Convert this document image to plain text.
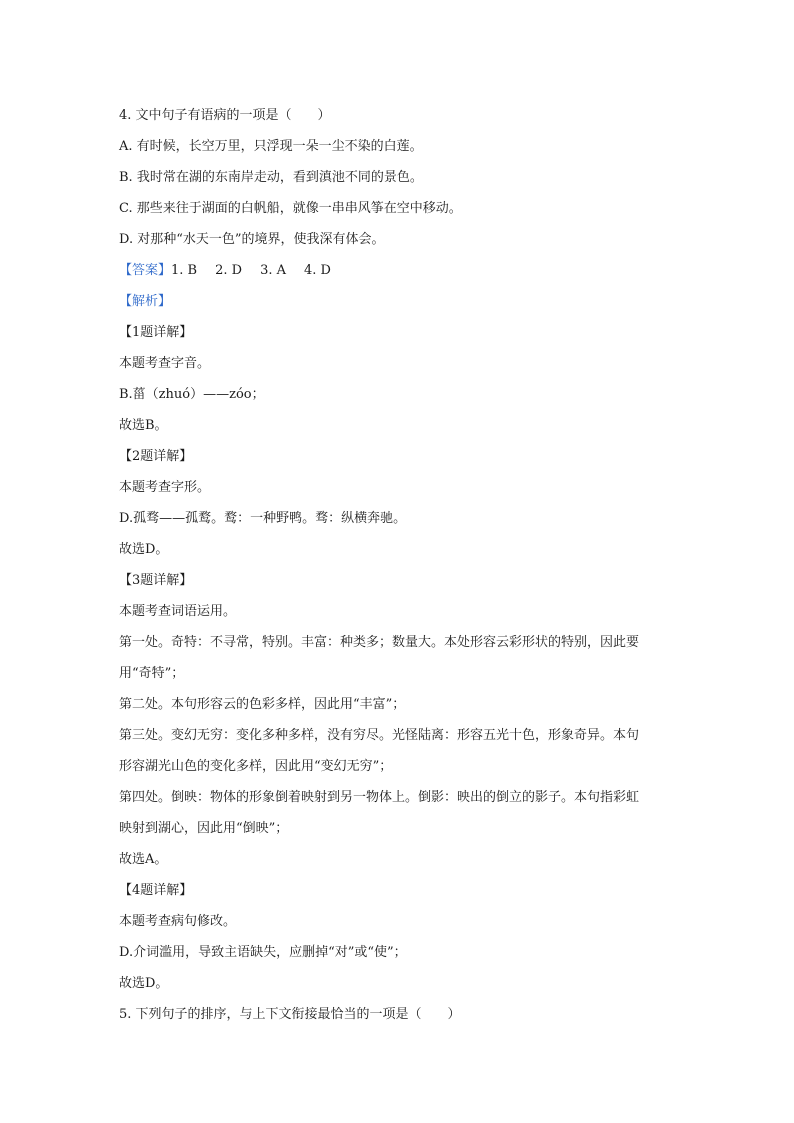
4. 文中句子有语病的一项是（　　）
A. 有时候，长空万里，只浮现一朵一尘不染的白莲。
B. 我时常在湖的东南岸走动，看到滇池不同的景色。
C. 那些来往于湖面的白帆船，就像一串串风筝在空中移动。
D. 对那种“水天一色”的境界，使我深有体会。
【答案】1. B 2. D 3. A 4. D
【解析】
【1题详解】
本题考查字音。
B.菑（zhuó）——zóo；
故选B。
【2题详解】
本题考查字形。
D.孤骛——孤鹜。鹜：一种野鸭。骛：纵横奔驰。
故选D。
【3题详解】
本题考查词语运用。
第一处。奇特：不寻常，特别。丰富：种类多；数量大。本处形容云彩形状的特别，因此要
用“奇特”；
第二处。本句形容云的色彩多样，因此用“丰富”；
第三处。变幻无穷：变化多种多样，没有穷尽。光怪陆离：形容五光十色，形象奇异。本句
形容湖光山色的变化多样，因此用“变幻无穷”；
第四处。倒映：物体的形象倒着映射到另一物体上。倒影：映出的倒立的影子。本句指彩虹
映射到湖心，因此用“倒映”；
故选A。
【4题详解】
本题考查病句修改。
D.介词滥用，导致主语缺失，应删掉“对”或“使”；
故选D。
5. 下列句子的排序，与上下文衔接最恰当的一项是（　　）
